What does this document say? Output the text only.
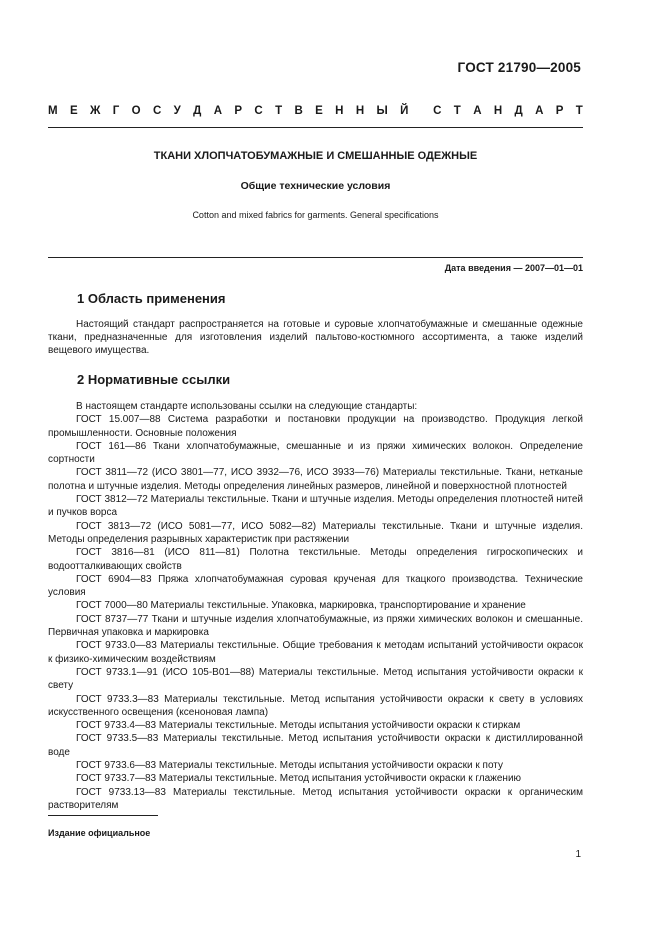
ГОСТ 21790—2005
М Е Ж Г О С У Д А Р С Т В Е Н Н Ы Й С Т А Н Д А Р Т
ТКАНИ ХЛОПЧАТОБУМАЖНЫЕ И СМЕШАННЫЕ ОДЕЖНЫЕ
Общие технические условия
Cotton and mixed fabrics for garments. General specifications
Дата введения — 2007—01—01
1 Область применения
Настоящий стандарт распространяется на готовые и суровые хлопчатобумажные и смешанные одежные ткани, предназначенные для изготовления изделий пальтово-костюмного ассортимента, а также изделий вещевого имущества.
2 Нормативные ссылки
В настоящем стандарте использованы ссылки на следующие стандарты:
ГОСТ 15.007—88 Система разработки и постановки продукции на производство. Продукция легкой промышленности. Основные положения
ГОСТ 161—86 Ткани хлопчатобумажные, смешанные и из пряжи химических волокон. Определение сортности
ГОСТ 3811—72 (ИСО 3801—77, ИСО 3932—76, ИСО 3933—76) Материалы текстильные. Ткани, нетканые полотна и штучные изделия. Методы определения линейных размеров, линейной и поверхностной плотностей
ГОСТ 3812—72 Материалы текстильные. Ткани и штучные изделия. Методы определения плотностей нитей и пучков ворса
ГОСТ 3813—72 (ИСО 5081—77, ИСО 5082—82) Материалы текстильные. Ткани и штучные изделия. Методы определения разрывных характеристик при растяжении
ГОСТ 3816—81 (ИСО 811—81) Полотна текстильные. Методы определения гигроскопических и водоотталкивающих свойств
ГОСТ 6904—83 Пряжа хлопчатобумажная суровая крученая для ткацкого производства. Технические условия
ГОСТ 7000—80 Материалы текстильные. Упаковка, маркировка, транспортирование и хранение
ГОСТ 8737—77 Ткани и штучные изделия хлопчатобумажные, из пряжи химических волокон и смешанные. Первичная упаковка и маркировка
ГОСТ 9733.0—83 Материалы текстильные. Общие требования к методам испытаний устойчивости окрасок к физико-химическим воздействиям
ГОСТ 9733.1—91 (ИСО 105-B01—88) Материалы текстильные. Метод испытания устойчивости окраски к свету
ГОСТ 9733.3—83 Материалы текстильные. Метод испытания устойчивости окраски к свету в условиях искусственного освещения (ксеноновая лампа)
ГОСТ 9733.4—83 Материалы текстильные. Методы испытания устойчивости окраски к стиркам
ГОСТ 9733.5—83 Материалы текстильные. Метод испытания устойчивости окраски к дистиллированной воде
ГОСТ 9733.6—83 Материалы текстильные. Методы испытания устойчивости окраски к поту
ГОСТ 9733.7—83 Материалы текстильные. Метод испытания устойчивости окраски к глажению
ГОСТ 9733.13—83 Материалы текстильные. Метод испытания устойчивости окраски к органическим растворителям
Издание официальное
1
